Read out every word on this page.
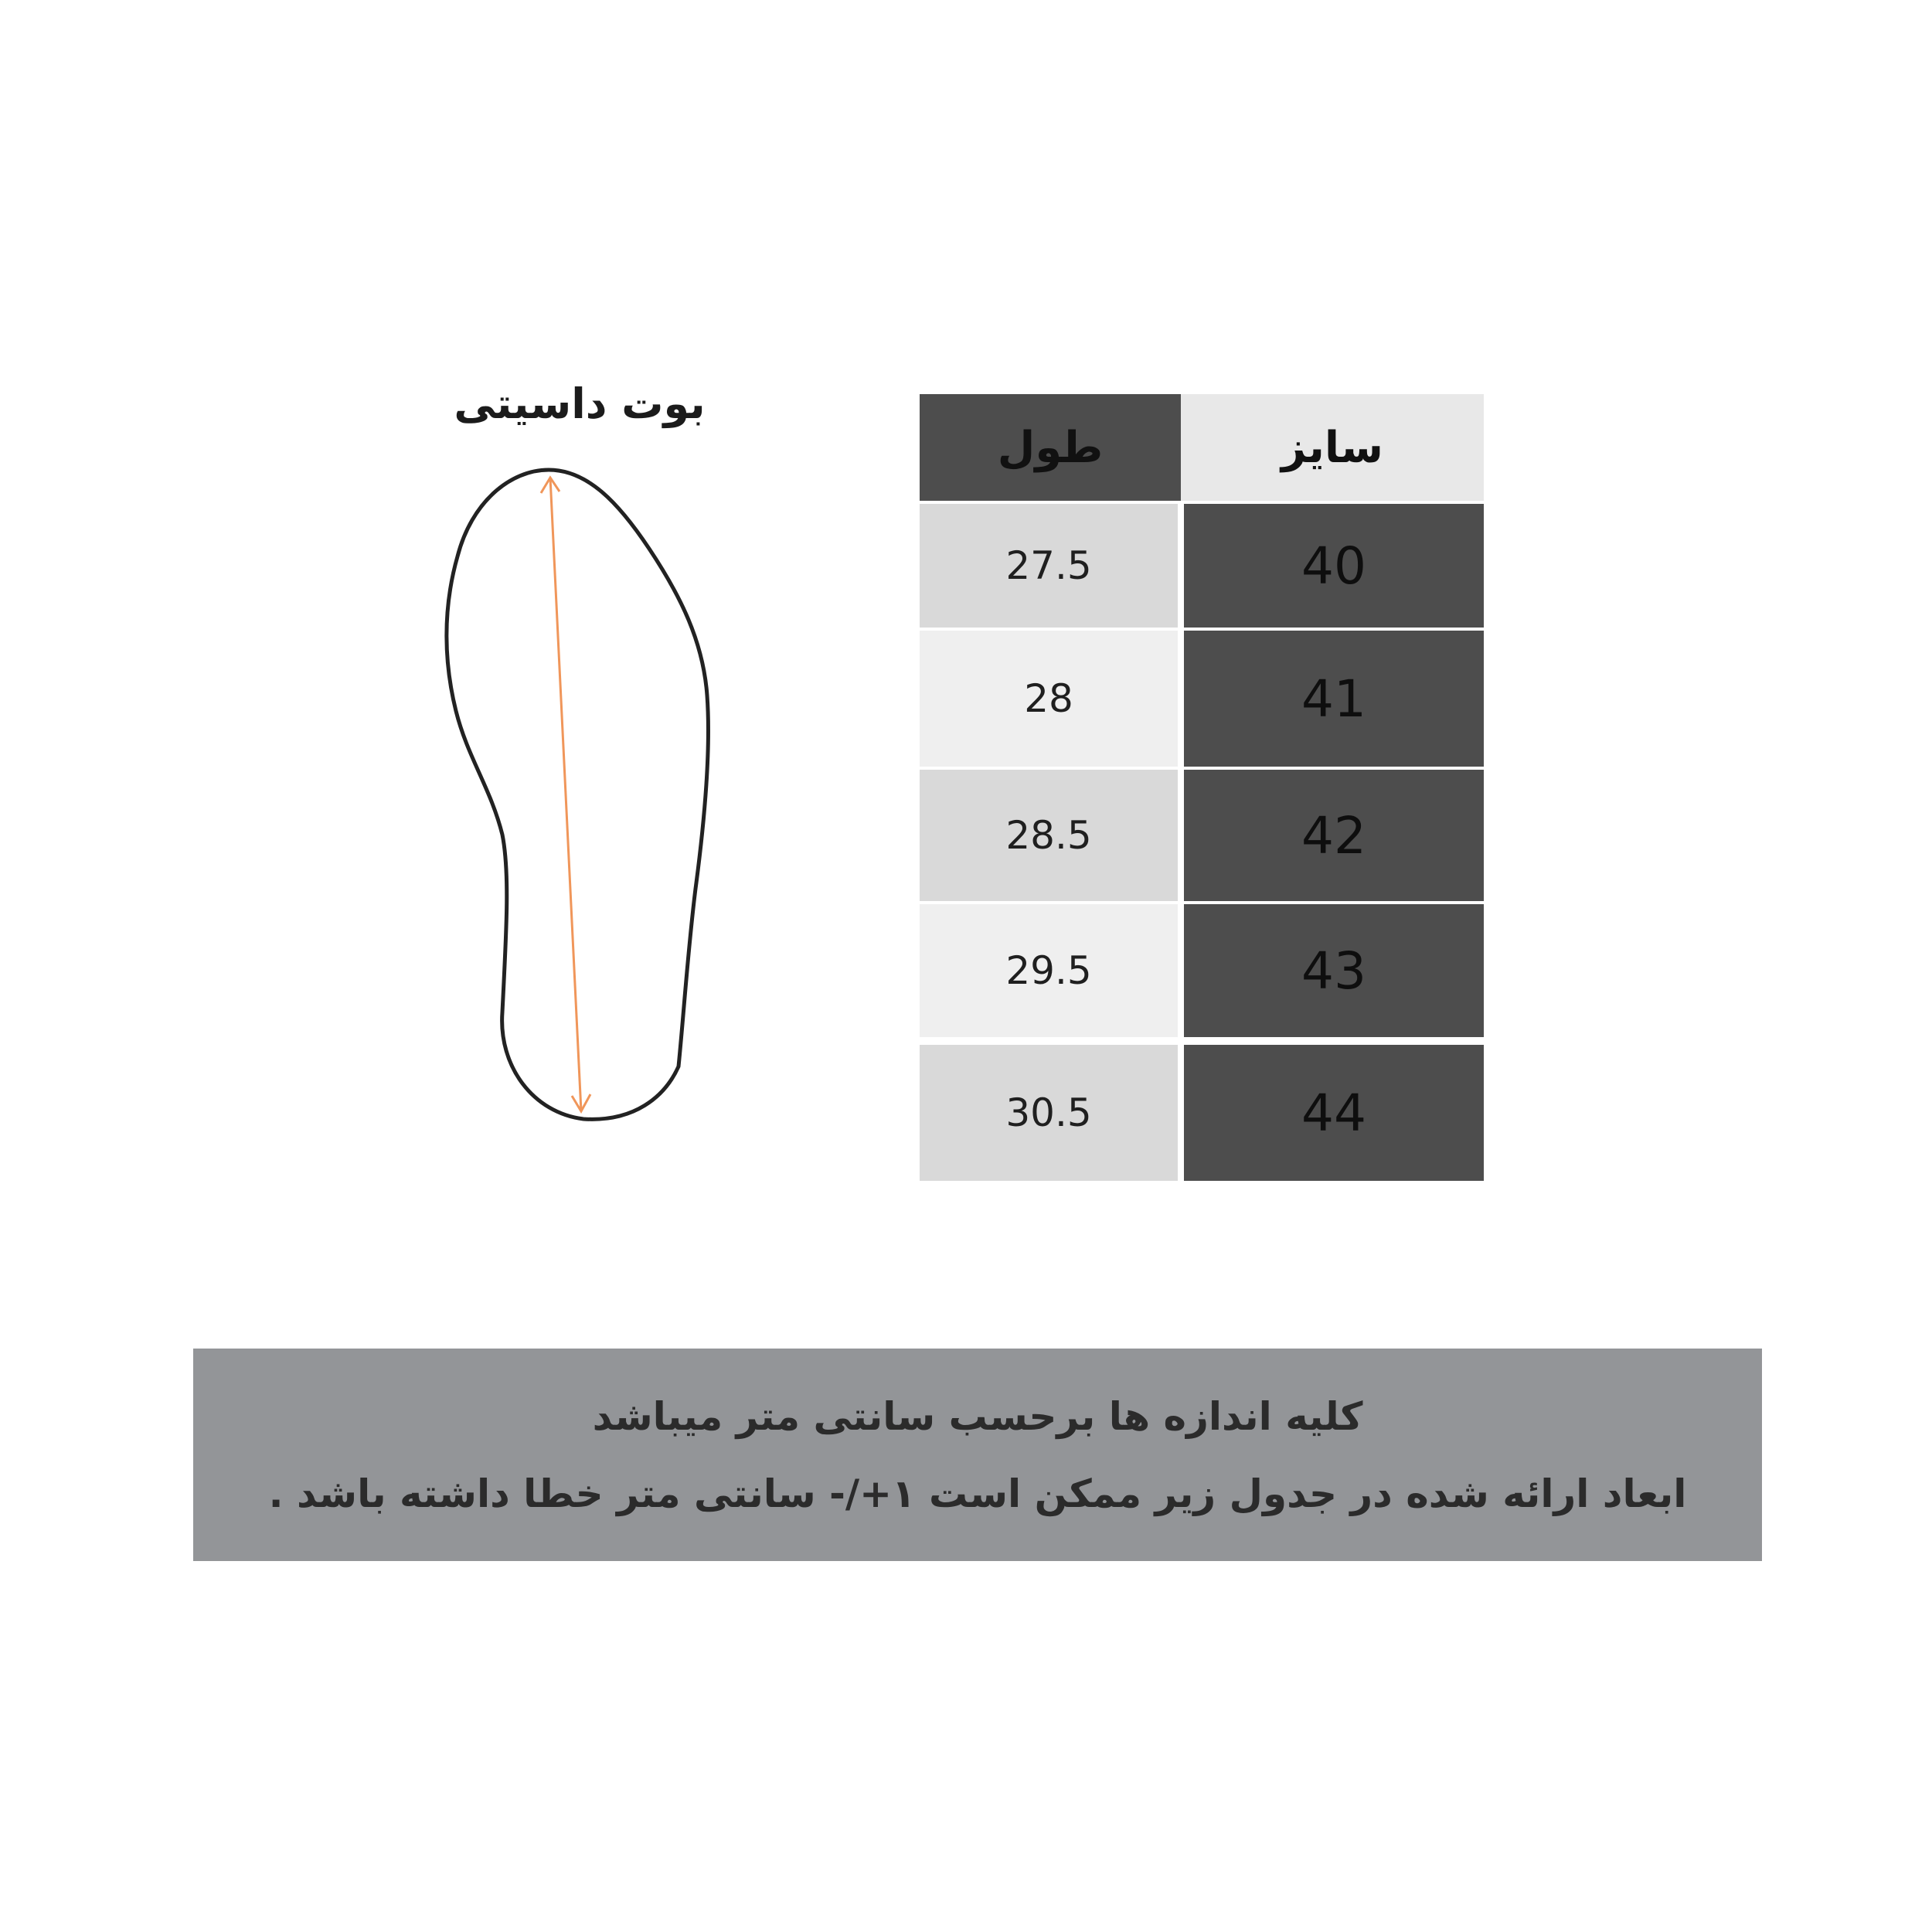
بوت داسیتی
طول	سایز
27.5	40
28	41
28.5	42
29.5	43
30.5	44
کلیه اندازه ها برحسب سانتی متر میباشد
ابعاد ارائه شده در جدول زیر ممکن است ۱+/- سانتی متر خطا داشته باشد .
